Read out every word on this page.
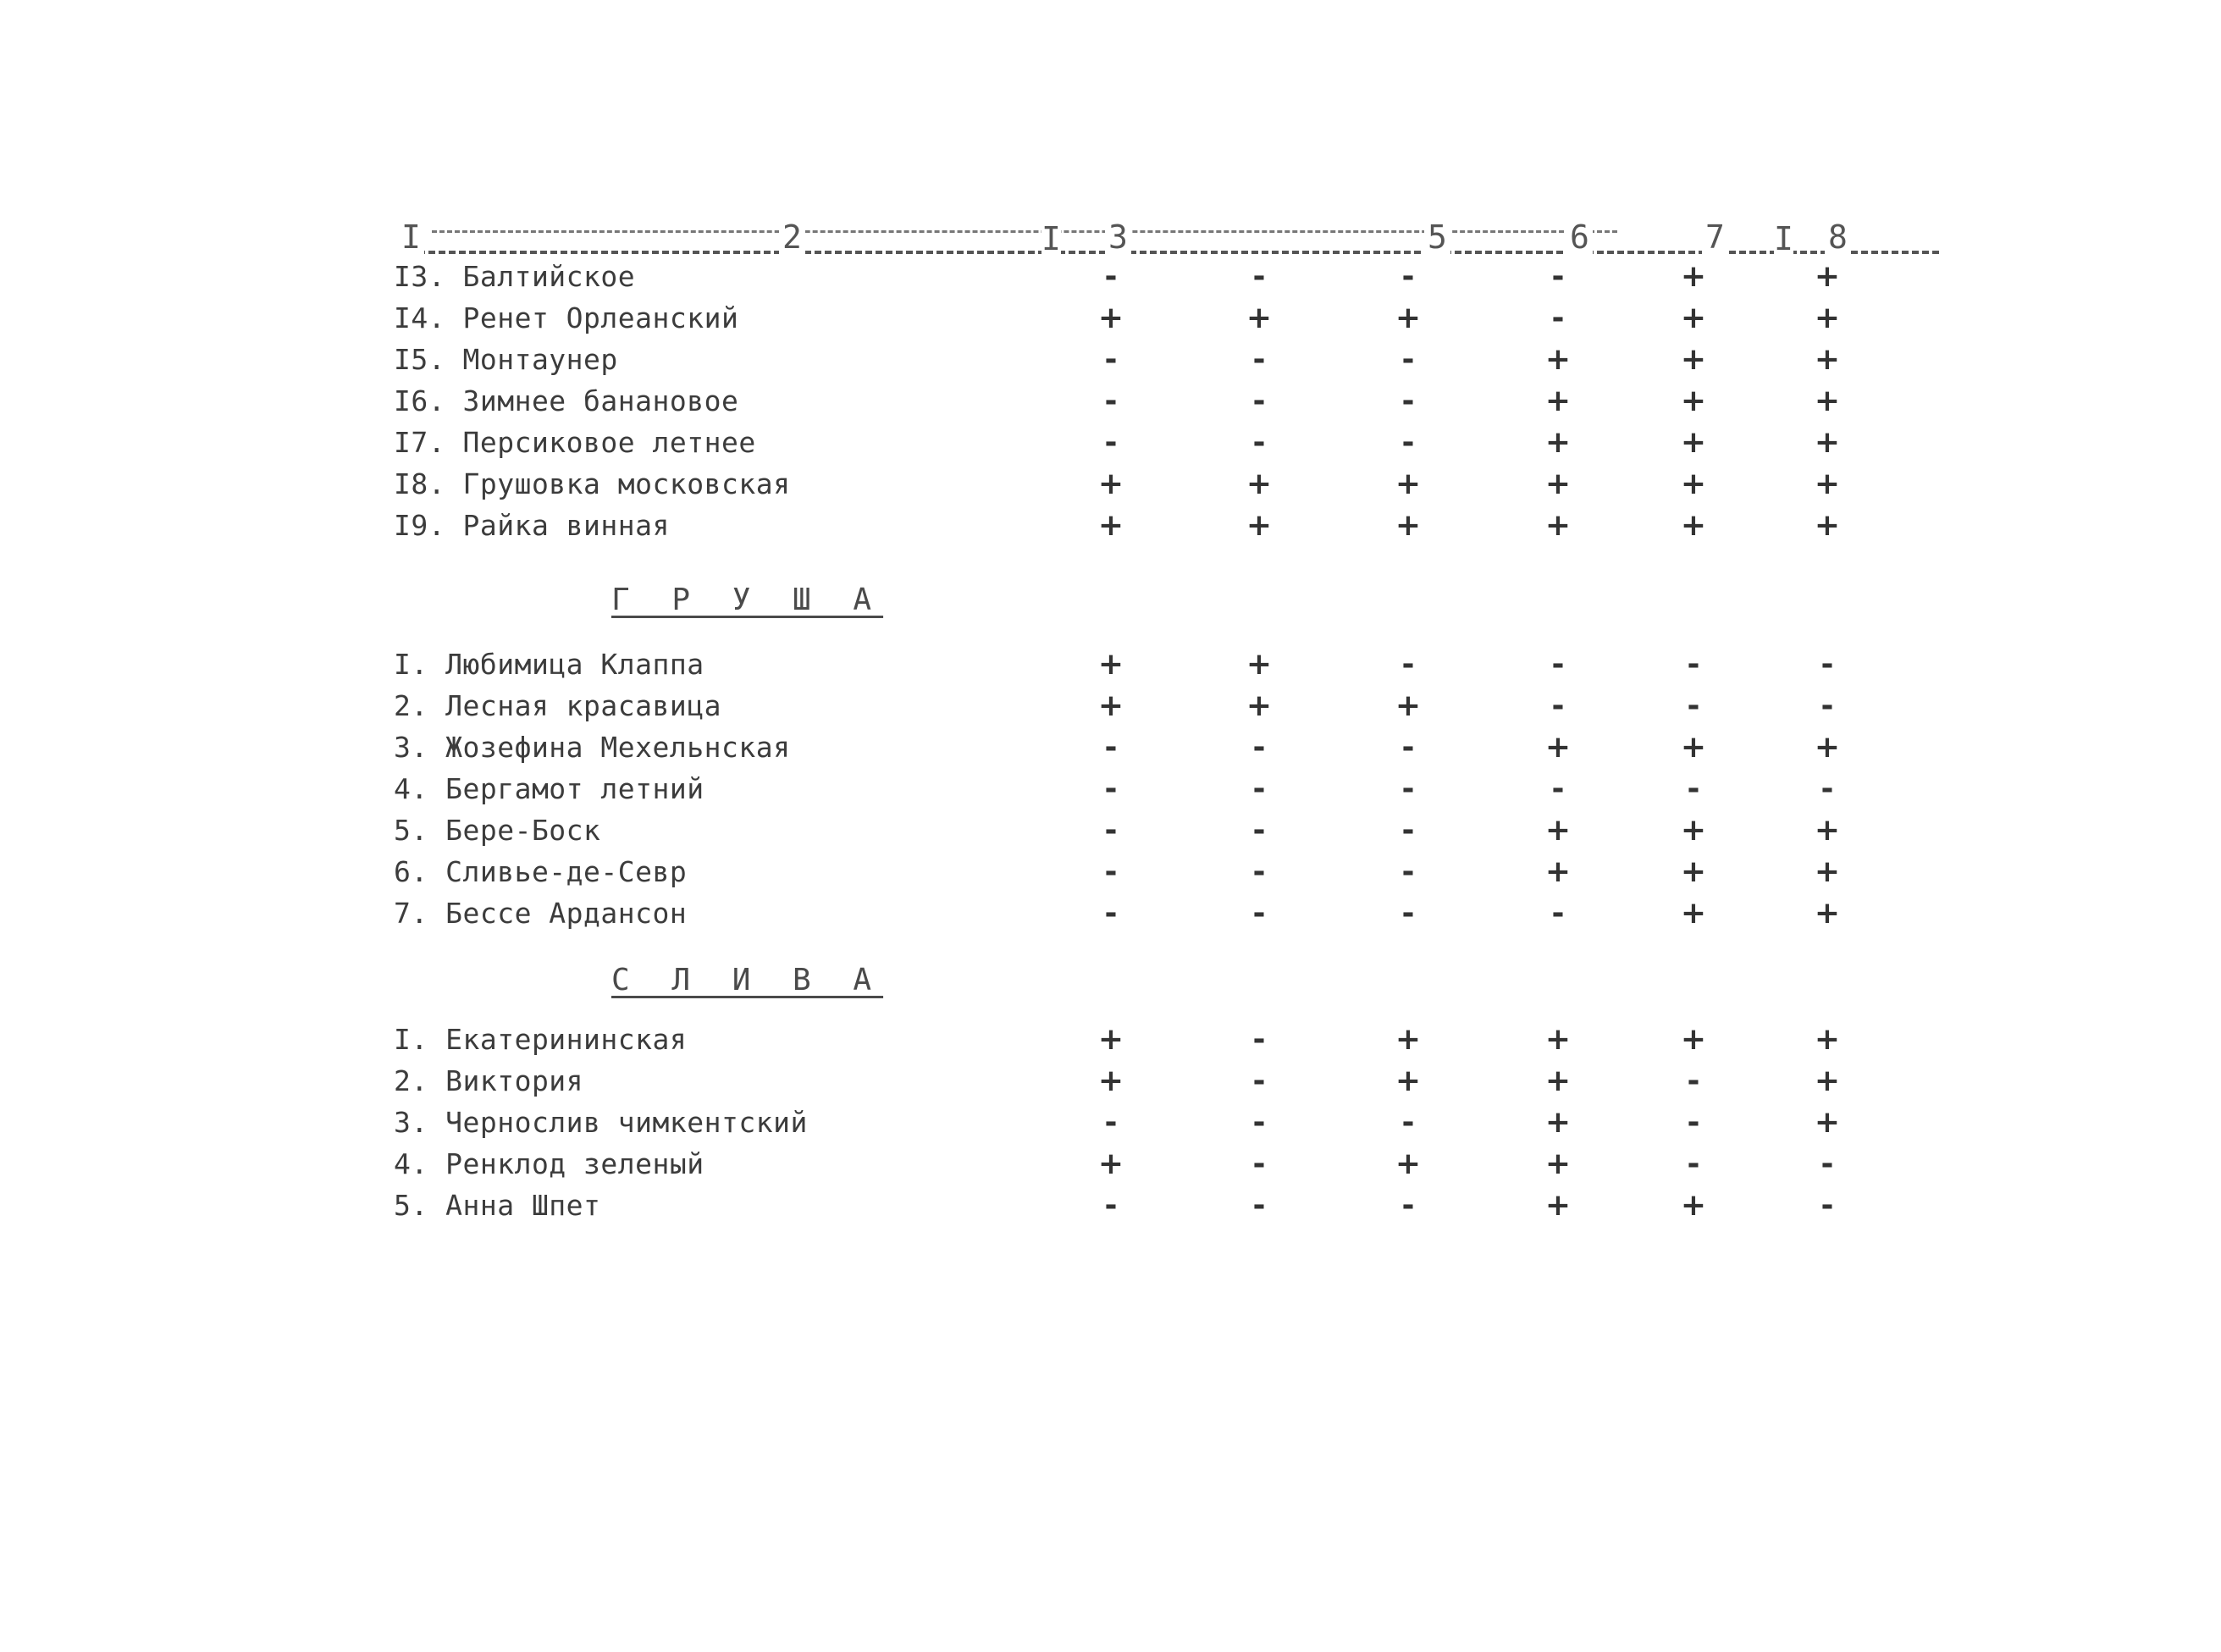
I	2	I 3	5	6	7 I 8
I3. Балтийское	-	-	-	-	+	+
I4. Ренет Орлеанский	+	+	+	-	+	+
I5. Монтаунер	-	-	-	+	+	+
I6. Зимнее банановое	-	-	-	+	+	+
I7. Персиковое летнее	-	-	-	+	+	+
I8. Грушовка московская	+	+	+	+	+	+
I9. Райка винная	+	+	+	+	+	+
Г Р У Ш А
I. Любимица Клаппа	+	+	-	-	-	-
2. Лесная красавица	+	+	+	-	-	-
3. Жозефина Мехельнская	-	-	-	+	+	+
4. Бергамот летний	-	-	-	-	-	-
5. Бере-Боск	-	-	-	+	+	+
6. Сливье-де-Севр	-	-	-	+	+	+
7. Бессе Ардансон	-	-	-	-	+	+
С Л И В А
I. Екатерининская	+	-	+	+	+	+
2. Виктория	+	-	+	+	-	+
3. Чернослив чимкентский	-	-	-	+	-	+
4. Ренклод зеленый	+	-	+	+	-	-
5. Анна Шпет	-	-	-	+	+	-
